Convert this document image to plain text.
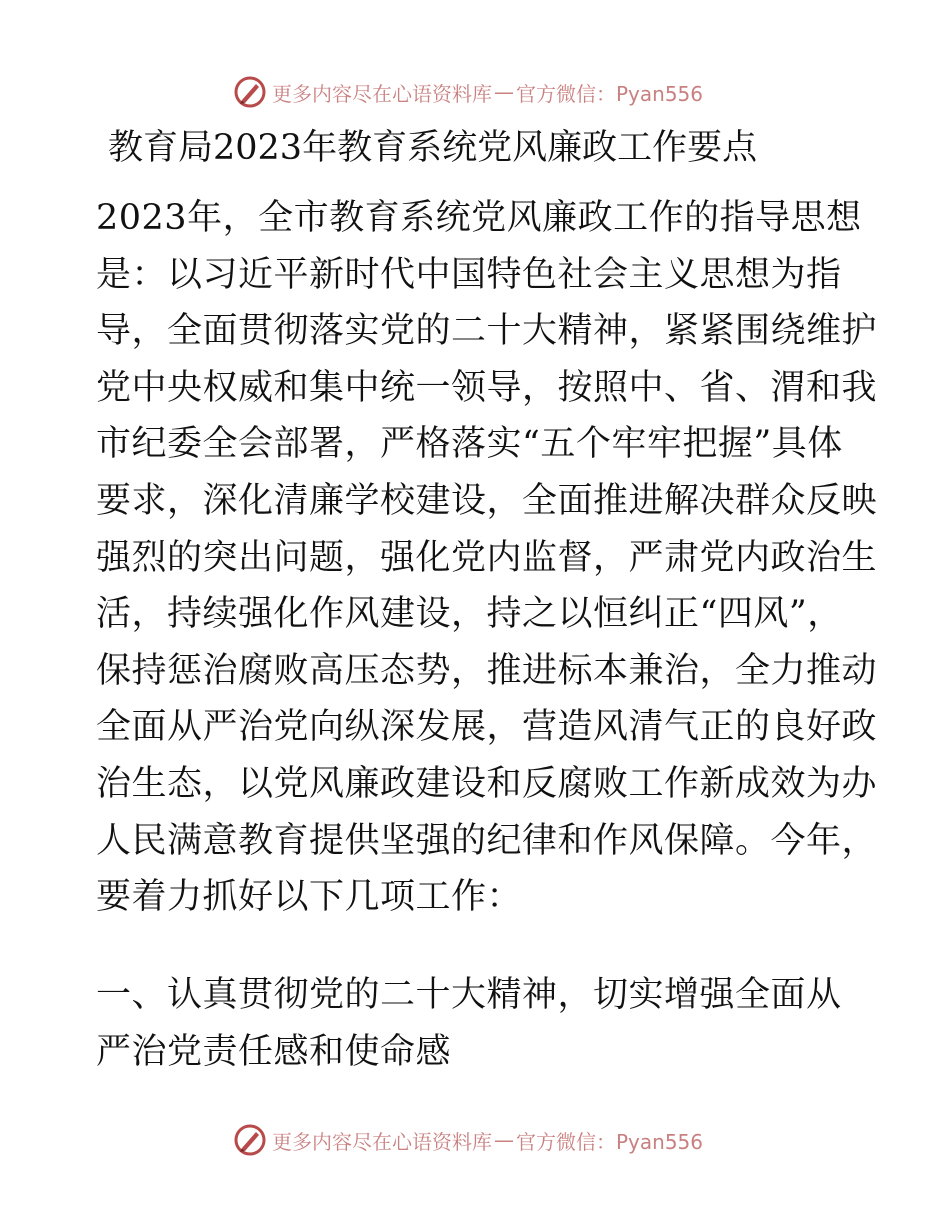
更多内容尽在心语资料库 — 官方微信：Pyan556
教育局2023年教育系统党风廉政工作要点
2023年，全市教育系统党风廉政工作的指导思想
是：以习近平新时代中国特色社会主义思想为指
导，全面贯彻落实党的二十大精神，紧紧围绕维护
党中央权威和集中统一领导，按照中、省、渭和我
市纪委全会部署，严格落实“五个牢牢把握”具体
要求，深化清廉学校建设，全面推进解决群众反映
强烈的突出问题，强化党内监督，严肃党内政治生
活，持续强化作风建设，持之以恒纠正“四风”，
保持惩治腐败高压态势，推进标本兼治，全力推动
全面从严治党向纵深发展，营造风清气正的良好政
治生态，以党风廉政建设和反腐败工作新成效为办
人民满意教育提供坚强的纪律和作风保障。今年，
要着力抓好以下几项工作：
一、认真贯彻党的二十大精神，切实增强全面从
严治党责任感和使命感
更多内容尽在心语资料库 — 官方微信：Pyan556
